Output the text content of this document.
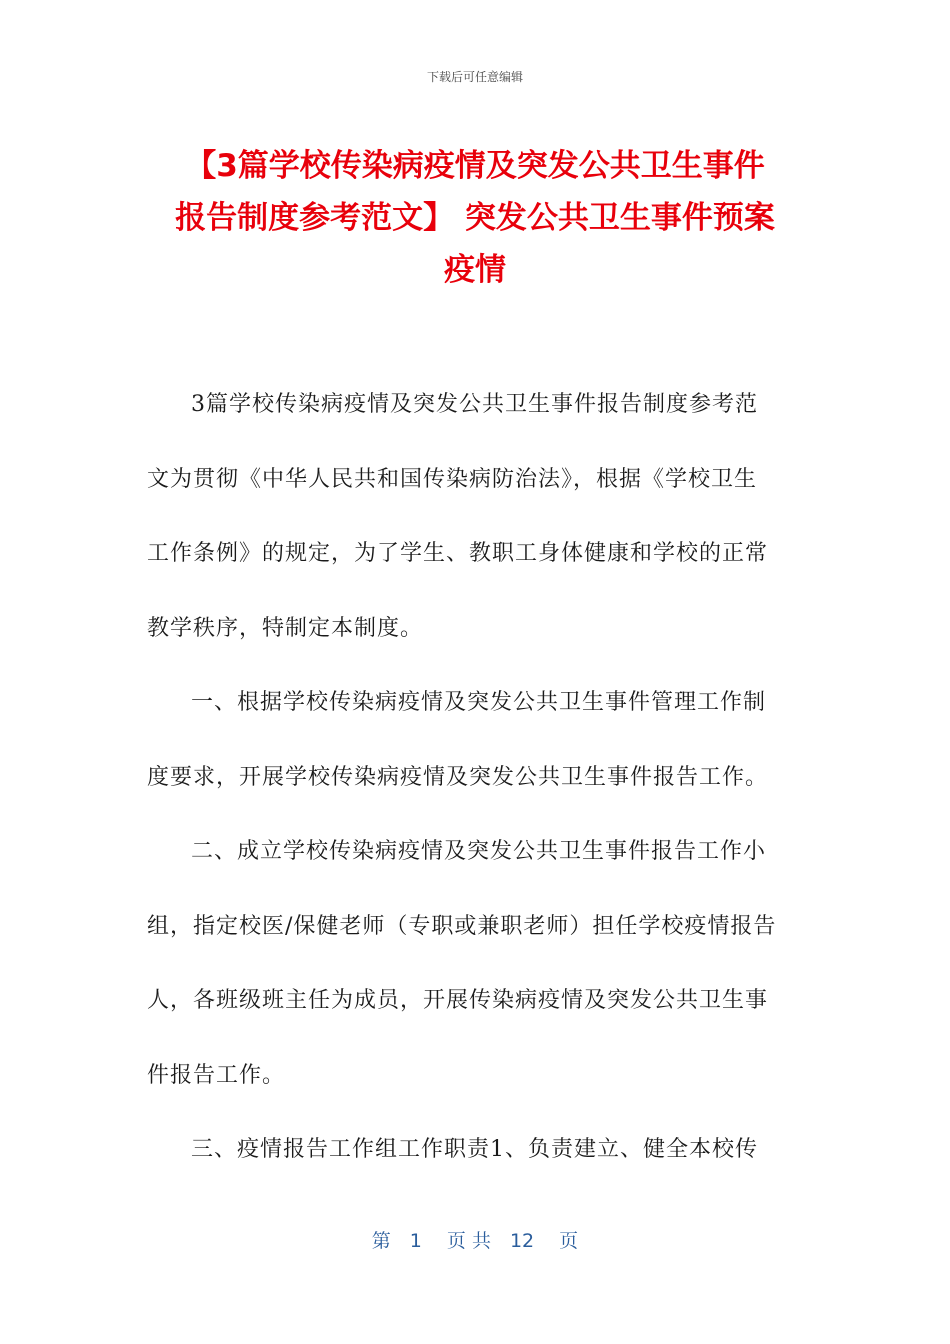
下载后可任意编辑
【3篇学校传染病疫情及突发公共卫生事件
报告制度参考范文】 突发公共卫生事件预案
疫情

3篇学校传染病疫情及突发公共卫生事件报告制度参考范
文为贯彻《中华人民共和国传染病防治法》，根据《学校卫生
工作条例》的规定，为了学生、教职工身体健康和学校的正常
教学秩序，特制定本制度。

一、根据学校传染病疫情及突发公共卫生事件管理工作制
度要求，开展学校传染病疫情及突发公共卫生事件报告工作。

二、成立学校传染病疫情及突发公共卫生事件报告工作小
组，指定校医/保健老师（专职或兼职老师）担任学校疫情报告
人，各班级班主任为成员，开展传染病疫情及突发公共卫生事
件报告工作。

三、疫情报告工作组工作职责1、负责建立、健全本校传

第　1　 页 共　12　 页
